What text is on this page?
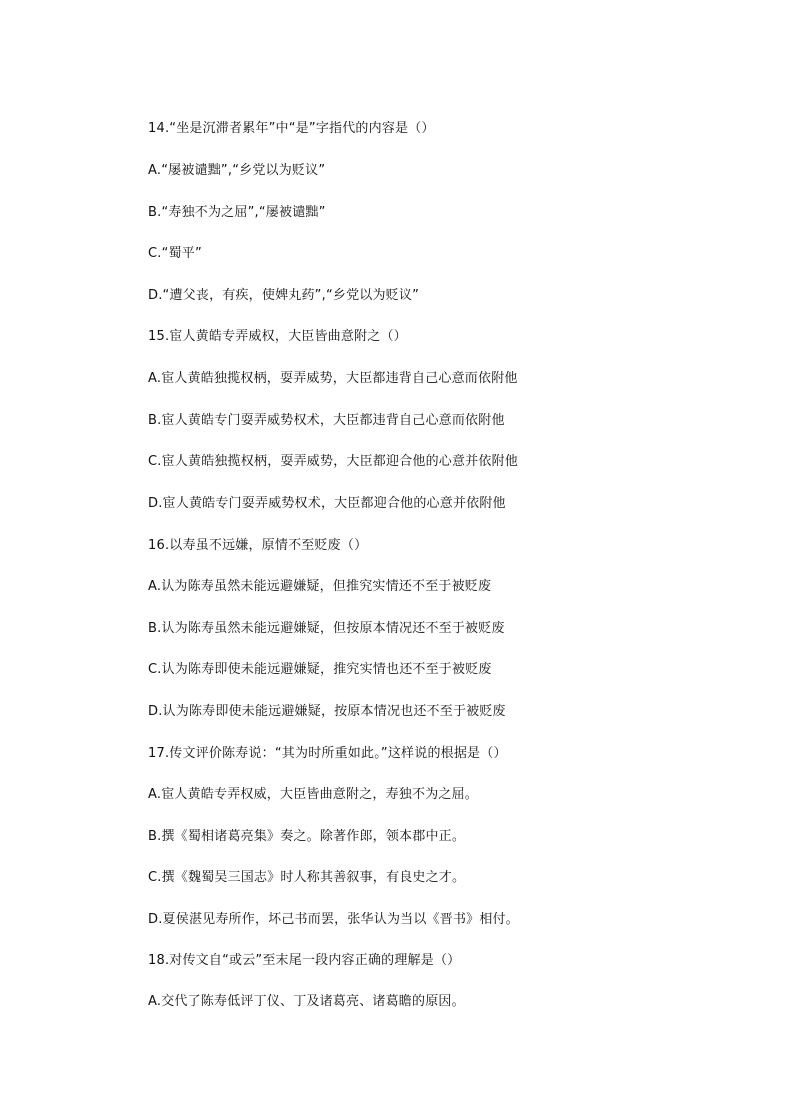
14.“坐是沉滞者累年”中“是”字指代的内容是（）
A.“屡被谴黜”,“乡党以为贬议”
B.“寿独不为之屈”,“屡被谴黜”
C.“蜀平”
D.“遭父丧，有疾，使婢丸药”,“乡党以为贬议”
15.宦人黄皓专弄威权，大臣皆曲意附之（）
A.宦人黄皓独揽权柄，耍弄威势，大臣都违背自己心意而依附他
B.宦人黄皓专门耍弄威势权术，大臣都违背自己心意而依附他
C.宦人黄皓独揽权柄，耍弄威势，大臣都迎合他的心意并依附他
D.宦人黄皓专门耍弄威势权术，大臣都迎合他的心意并依附他
16.以寿虽不远嫌，原情不至贬废（）
A.认为陈寿虽然未能远避嫌疑，但推究实情还不至于被贬废
B.认为陈寿虽然未能远避嫌疑，但按原本情况还不至于被贬废
C.认为陈寿即使未能远避嫌疑，推究实情也还不至于被贬废
D.认为陈寿即使未能远避嫌疑，按原本情况也还不至于被贬废
17.传文评价陈寿说：“其为时所重如此。”这样说的根据是（）
A.宦人黄皓专弄权威，大臣皆曲意附之，寿独不为之屈。
B.撰《蜀相诸葛亮集》奏之。除著作郎，领本郡中正。
C.撰《魏蜀吴三国志》时人称其善叙事，有良史之才。
D.夏侯湛见寿所作，坏己书而罢，张华认为当以《晋书》相付。
18.对传文自“或云”至末尾一段内容正确的理解是（）
A.交代了陈寿低评丁仪、丁及诸葛亮、诸葛瞻的原因。
